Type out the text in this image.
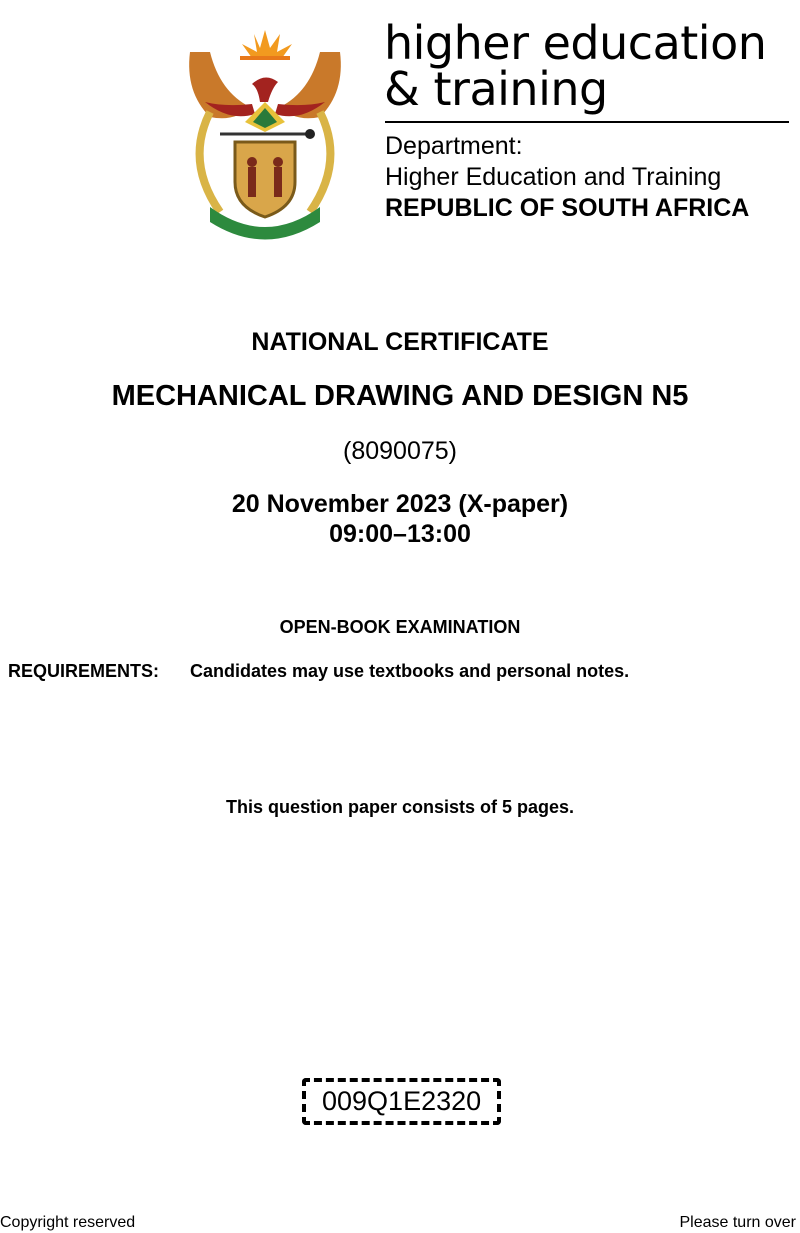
higher education
& training
Department:
Higher Education and Training
REPUBLIC OF SOUTH AFRICA
NATIONAL CERTIFICATE
MECHANICAL DRAWING AND DESIGN N5
(8090075)
20 November 2023 (X-paper)
09:00–13:00
OPEN-BOOK EXAMINATION
REQUIREMENTS: Candidates may use textbooks and personal notes.
This question paper consists of 5 pages.
009Q1E2320
Copyright reserved	Please turn over
